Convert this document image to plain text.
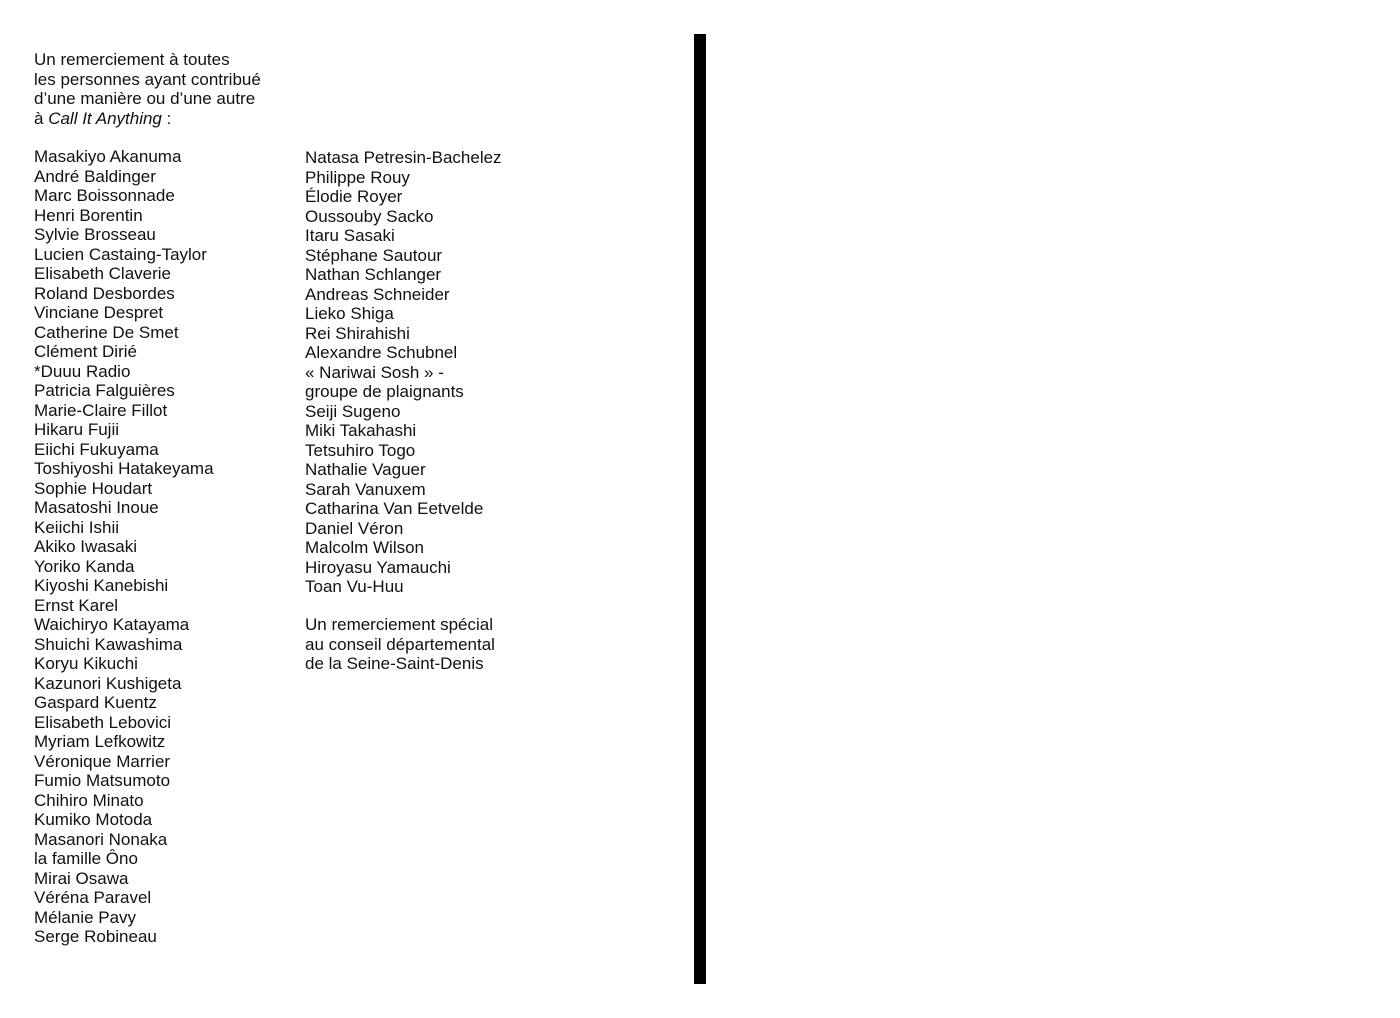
Un remerciement à toutes

les personnes ayant contribué

d’une manière ou d’une autre

à Call It Anything :

Masakiyo Akanuma
André Baldinger
Marc Boissonnade
Henri Borentin
Sylvie Brosseau
Lucien Castaing-Taylor
Elisabeth Claverie
Roland Desbordes
Vinciane Despret
Catherine De Smet
Clément Dirié
*Duuu Radio
Patricia Falguières
Marie-Claire Fillot
Hikaru Fujii
Eiichi Fukuyama
Toshiyoshi Hatakeyama
Sophie Houdart
Masatoshi Inoue
Keiichi Ishii
Akiko Iwasaki
Yoriko Kanda
Kiyoshi Kanebishi
Ernst Karel
Waichiryo Katayama
Shuichi Kawashima
Koryu Kikuchi
Kazunori Kushigeta
Gaspard Kuentz
Elisabeth Lebovici
Myriam Lefkowitz
Véronique Marrier
Fumio Matsumoto
Chihiro Minato
Kumiko Motoda
Masanori Nonaka
la famille Ôno
Mirai Osawa
Véréna Paravel
Mélanie Pavy
Serge Robineau
Natasa Petresin-Bachelez
Philippe Rouy
Élodie Royer
Oussouby Sacko
Itaru Sasaki
Stéphane Sautour
Nathan Schlanger
Andreas Schneider
Lieko Shiga
Rei Shirahishi
Alexandre Schubnel
« Nariwai Sosh » -
groupe de plaignants
Seiji Sugeno
Miki Takahashi
Tetsuhiro Togo
Nathalie Vaguer
Sarah Vanuxem
Catharina Van Eetvelde
Daniel Véron
Malcolm Wilson
Hiroyasu Yamauchi
Toan Vu-Huu

Un remerciement spécial

au conseil départemental

de la Seine-Saint-Denis
